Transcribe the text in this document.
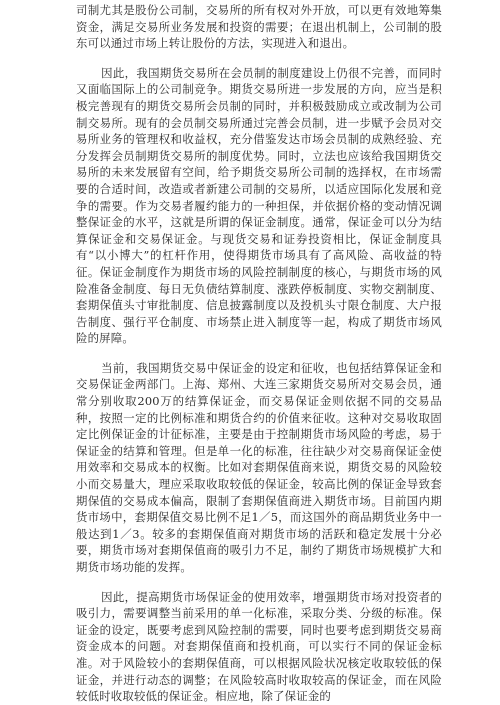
司制尤其是股份公司制，交易所的所有权对外开放，可以更有效地筹集资金，满足交易所业务发展和投资的需要；在退出机制上，公司制的股东可以通过市场上转让股份的方法，实现进入和退出。

因此，我国期货交易所在会员制的制度建设上仍很不完善，而同时又面临国际上的公司制竞争。期货交易所进一步发展的方向，应当是积极完善现有的期货交易所会员制的同时，并积极鼓励成立或改制为公司制交易所。现有的会员制交易所通过完善会员制，进一步赋予会员对交易所业务的管理权和收益权，充分借鉴发达市场会员制的成熟经验、充分发挥会员制期货交易所的制度优势。同时，立法也应该给我国期货交易所的未来发展留有空间，给予期货交易所公司制的选择权，在市场需要的合适时间，改造或者新建公司制的交易所，以适应国际化发展和竞争的需要。作为交易者履约能力的一种担保，并依据价格的变动情况调整保证金的水平，这就是所谓的保证金制度。通常，保证金可以分为结算保证金和交易保证金。与现货交易和证券投资相比，保证金制度具有“以小博大”的杠杆作用，使得期货市场具有了高风险、高收益的特征。保证金制度作为期货市场的风险控制制度的核心，与期货市场的风险准备金制度、每日无负债结算制度、涨跌停板制度、实物交割制度、套期保值头寸审批制度、信息披露制度以及投机头寸限仓制度、大户报告制度、强行平仓制度、市场禁止进入制度等一起，构成了期货市场风险的屏障。

当前，我国期货交易中保证金的设定和征收，也包括结算保证金和交易保证金两部门。上海、郑州、大连三家期货交易所对交易会员，通常分别收取200万的结算保证金，而交易保证金则依据不同的交易品种，按照一定的比例标准和期货合约的价值来征收。这种对交易收取固定比例保证金的计征标准，主要是由于控制期货市场风险的考虑，易于保证金的结算和管理。但是单一化的标准，往往缺少对交易商保证金使用效率和交易成本的权衡。比如对套期保值商来说，期货交易的风险较小而交易量大，理应采取收取较低的保证金，较高比例的保证金导致套期保值的交易成本偏高，限制了套期保值商进入期货市场。目前国内期货市场中，套期保值交易比例不足1／5，而这国外的商品期货业务中一般达到1／3。较多的套期保值商对期货市场的活跃和稳定发展十分必要，期货市场对套期保值商的吸引力不足，制约了期货市场规模扩大和期货市场功能的发挥。

因此，提高期货市场保证金的使用效率，增强期货市场对投资者的吸引力，需要调整当前采用的单一化标准，采取分类、分级的标准。保证金的设定，既要考虑到风险控制的需要，同时也要考虑到期货交易商资金成本的问题。对套期保值商和投机商，可以实行不同的保证金标准。对于风险较小的套期保值商，可以根据风险状况核定收取较低的保证金，并进行动态的调整；在风险较高时收取较高的保证金，而在风险较低时收取较低的保证金。相应地，除了保证金的
